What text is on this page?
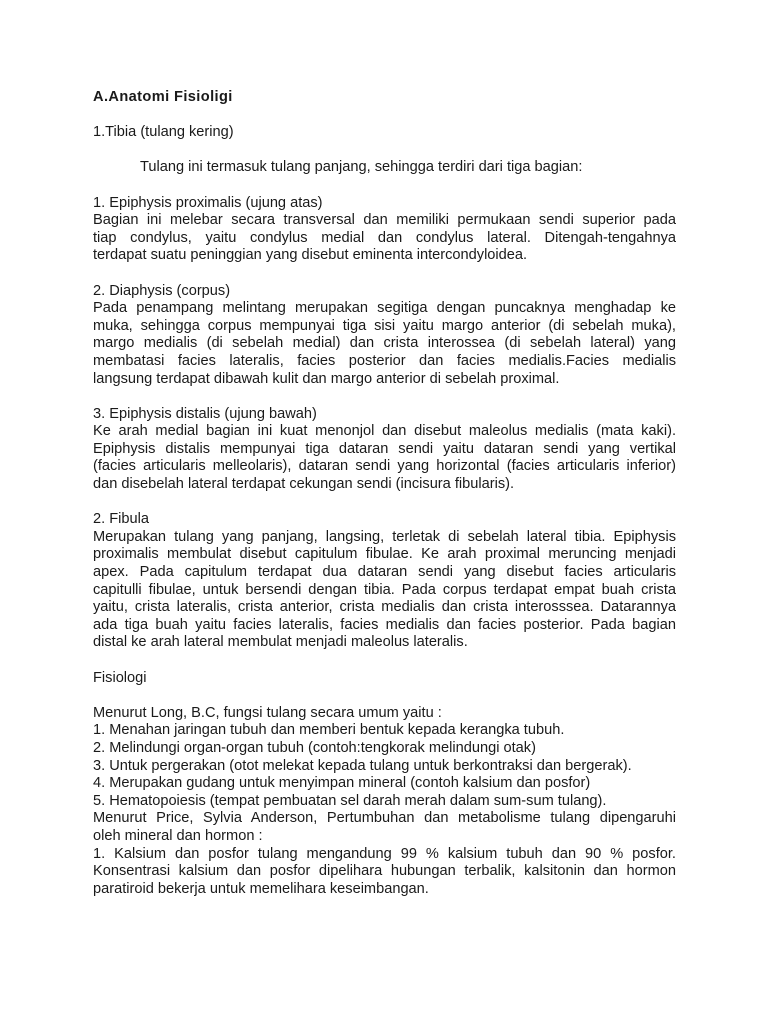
A.Anatomi Fisioligi
1.Tibia (tulang kering)
Tulang ini termasuk tulang panjang, sehingga terdiri dari tiga bagian:
1. Epiphysis proximalis (ujung atas)
Bagian ini melebar secara transversal dan memiliki permukaan sendi superior pada
tiap condylus, yaitu condylus medial dan condylus lateral. Ditengah-tengahnya
terdapat suatu peninggian yang disebut eminenta intercondyloidea.
2. Diaphysis (corpus)
Pada penampang melintang merupakan segitiga dengan puncaknya menghadap ke
muka, sehingga corpus mempunyai tiga sisi yaitu margo anterior (di sebelah muka),
margo medialis (di sebelah medial) dan crista interossea (di sebelah lateral) yang
membatasi facies lateralis, facies posterior dan facies medialis.Facies medialis
langsung terdapat dibawah kulit dan margo anterior di sebelah proximal.
3. Epiphysis distalis (ujung bawah)
Ke arah medial bagian ini kuat menonjol dan disebut maleolus medialis (mata kaki).
Epiphysis distalis mempunyai tiga dataran sendi yaitu dataran sendi yang vertikal
(facies articularis melleolaris), dataran sendi yang horizontal (facies articularis inferior)
dan disebelah lateral terdapat cekungan sendi (incisura fibularis).
2. Fibula
Merupakan tulang yang panjang, langsing, terletak di sebelah lateral tibia. Epiphysis
proximalis membulat disebut capitulum fibulae. Ke arah proximal meruncing menjadi
apex. Pada capitulum terdapat dua dataran sendi yang disebut facies articularis
capitulli fibulae, untuk bersendi dengan tibia. Pada corpus terdapat empat buah crista
yaitu, crista lateralis, crista anterior, crista medialis dan crista interosssea. Datarannya
ada tiga buah yaitu facies lateralis, facies medialis dan facies posterior. Pada bagian
distal ke arah lateral membulat menjadi maleolus lateralis.
Fisiologi
Menurut Long, B.C, fungsi tulang secara umum yaitu :
1. Menahan jaringan tubuh dan memberi bentuk kepada kerangka tubuh.
2. Melindungi organ-organ tubuh (contoh:tengkorak melindungi otak)
3. Untuk pergerakan (otot melekat kepada tulang untuk berkontraksi dan bergerak).
4. Merupakan gudang untuk menyimpan mineral (contoh kalsium dan posfor)
5. Hematopoiesis (tempat pembuatan sel darah merah dalam sum-sum tulang).
Menurut Price, Sylvia Anderson, Pertumbuhan dan metabolisme tulang dipengaruhi
oleh mineral dan hormon :
1. Kalsium dan posfor tulang mengandung 99 % kalsium tubuh dan 90 % posfor.
Konsentrasi kalsium dan posfor dipelihara hubungan terbalik, kalsitonin dan hormon
paratiroid bekerja untuk memelihara keseimbangan.
